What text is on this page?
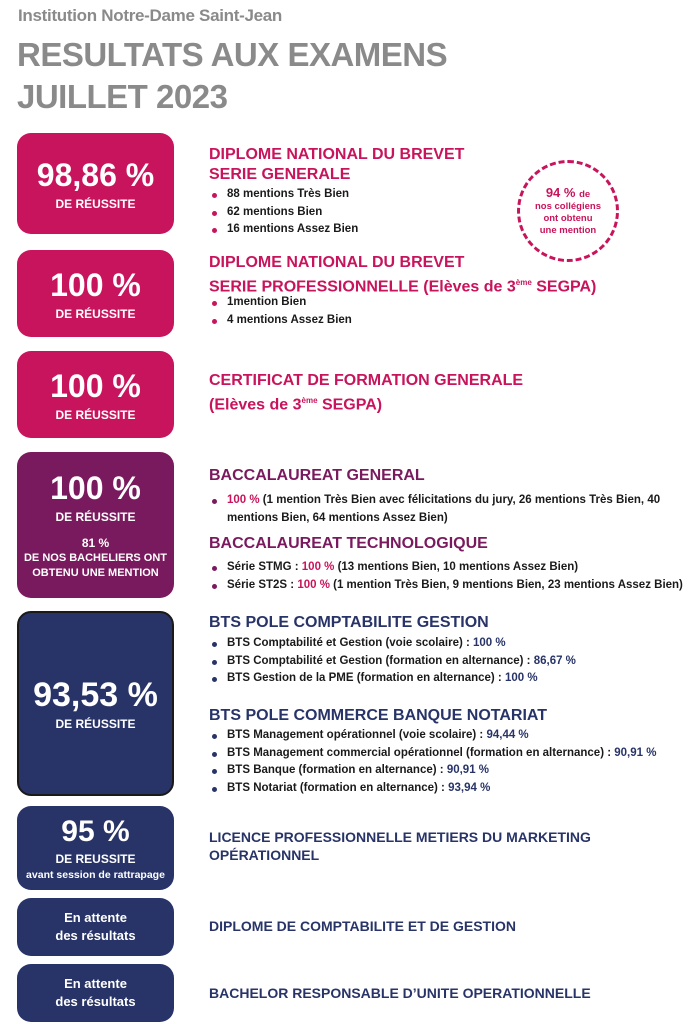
Institution Notre-Dame Saint-Jean
RESULTATS AUX EXAMENS
JUILLET 2023
98,86 %
DE RÉUSSITE
DIPLOME NATIONAL DU BREVET
SERIE GENERALE
88 mentions Très Bien
62 mentions Bien
16 mentions Assez Bien
94 % de
nos collégiens
ont obtenu
une mention
100 %
DE RÉUSSITE
DIPLOME NATIONAL DU BREVET
SERIE PROFESSIONNELLE (Elèves de 3ème SEGPA)
1mention Bien
4 mentions Assez Bien
100 %
DE RÉUSSITE
CERTIFICAT DE FORMATION GENERALE
(Elèves de 3ème SEGPA)
100 %
DE RÉUSSITE
81 %
DE NOS BACHELIERS ONT
OBTENU UNE MENTION
BACCALAUREAT GENERAL
100 % (1 mention Très Bien avec félicitations du jury, 26 mentions Très Bien, 40
mentions Bien, 64 mentions Assez Bien)
BACCALAUREAT TECHNOLOGIQUE
Série STMG : 100 % (13 mentions Bien, 10 mentions Assez Bien)
Série ST2S : 100 % (1 mention Très Bien, 9 mentions Bien, 23 mentions Assez Bien)
93,53 %
DE RÉUSSITE
BTS POLE COMPTABILITE GESTION
BTS Comptabilité et Gestion (voie scolaire) : 100 %
BTS Comptabilité et Gestion (formation en alternance) : 86,67 %
BTS Gestion de la PME (formation en alternance) : 100 %
BTS POLE COMMERCE BANQUE NOTARIAT
BTS Management opérationnel (voie scolaire) : 94,44 %
BTS Management commercial opérationnel (formation en alternance) : 90,91 %
BTS Banque (formation en alternance) : 90,91 %
BTS Notariat (formation en alternance) : 93,94 %
95 %
DE REUSSITE
avant session de rattrapage
LICENCE PROFESSIONNELLE METIERS DU MARKETING
OPÉRATIONNEL
En attente
des résultats
DIPLOME DE COMPTABILITE ET DE GESTION
En attente
des résultats
BACHELOR RESPONSABLE D’UNITE OPERATIONNELLE
